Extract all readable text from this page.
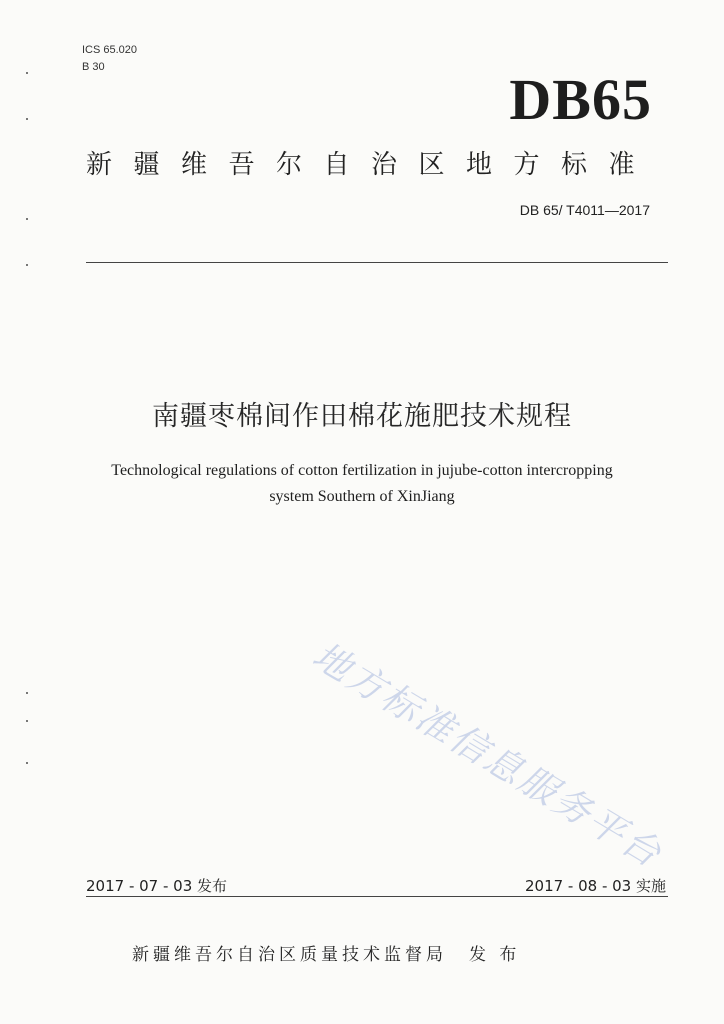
ICS 65.020
B 30	DB65
新疆维吾尔自治区地方标准
DB 65/ T4011—2017
南疆枣棉间作田棉花施肥技术规程
Technological regulations of cotton fertilization in jujube-cotton intercropping
system Southern of XinJiang
地方标准信息服务平台
2017 - 07 - 03 发布	2017 - 08 - 03 实施
新疆维吾尔自治区质量技术监督局 发 布
